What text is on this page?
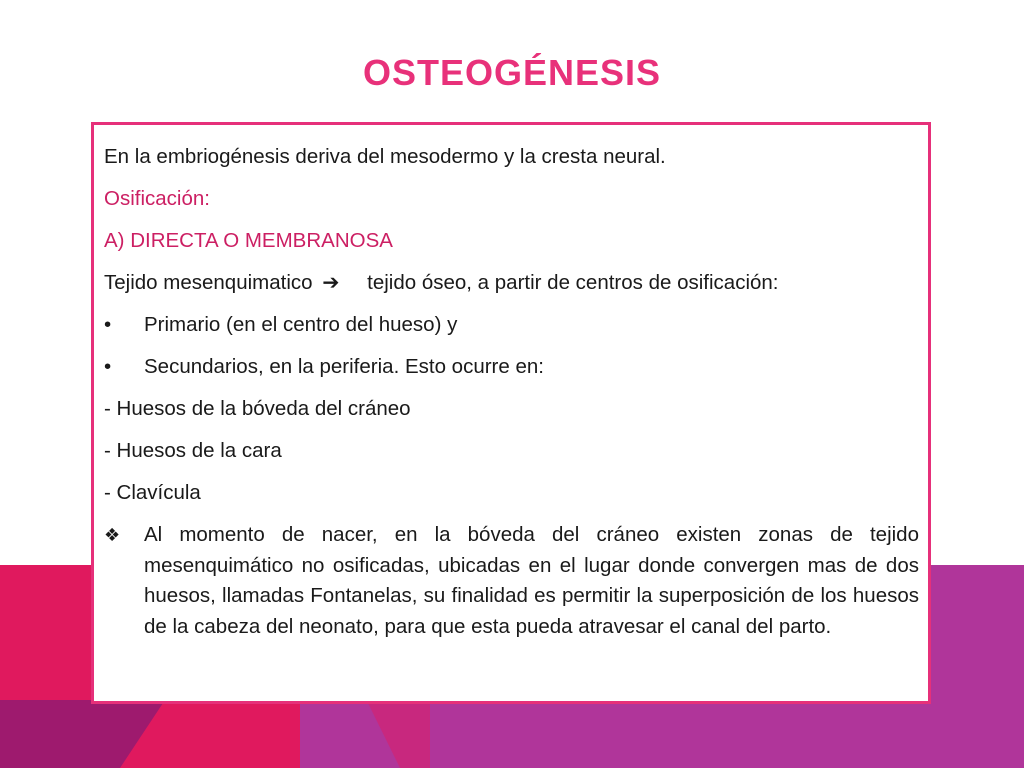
OSTEOGÉNESIS
En la embriogénesis deriva del mesodermo y la cresta neural.
Osificación:
A) DIRECTA O MEMBRANOSA
Tejido mesenquimatico ➔ tejido óseo, a partir de centros de osificación:
•	Primario (en el centro del hueso) y
•	Secundarios, en la periferia. Esto ocurre en:
- Huesos de la bóveda del cráneo
- Huesos de la cara
- Clavícula
❖	Al momento de nacer, en la bóveda del cráneo existen zonas de tejido mesenquimático no osificadas, ubicadas en el lugar donde convergen mas de dos huesos, llamadas Fontanelas, su finalidad es permitir la superposición de los huesos de la cabeza del neonato, para que esta pueda atravesar el canal del parto.
